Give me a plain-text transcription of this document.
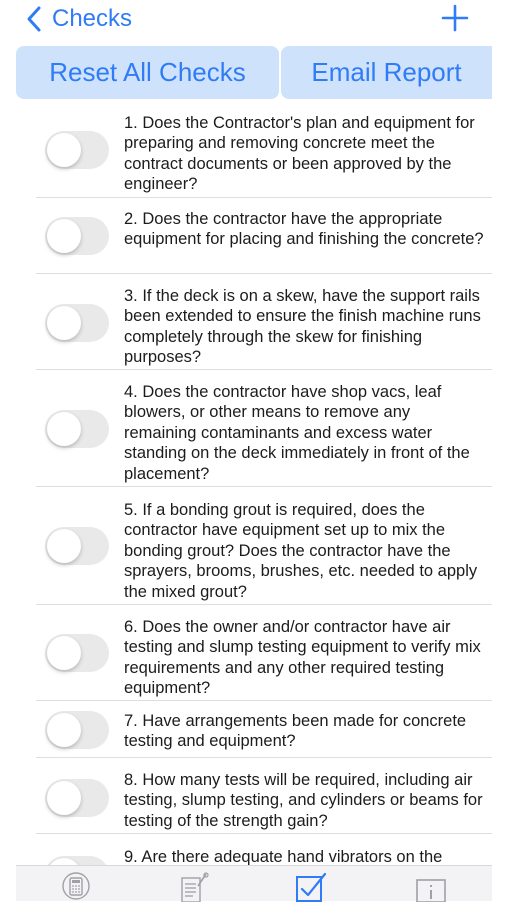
Checks
Reset All Checks	Email Report
1. Does the Contractor's plan and equipment for preparing and removing concrete meet the contract documents or been approved by the engineer?
2. Does the contractor have the appropriate equipment for placing and finishing the concrete?
3. If the deck is on a skew, have the support rails been extended to ensure the finish machine runs completely through the skew for finishing purposes?
4. Does the contractor have shop vacs, leaf blowers, or other means to remove any remaining contaminants and excess water standing on the deck immediately in front of the placement?
5. If a bonding grout is required, does the contractor have equipment set up to mix the bonding grout? Does the contractor have the sprayers, brooms, brushes, etc. needed to apply the mixed grout?
6. Does the owner and/or contractor have air testing and slump testing equipment to verify mix requirements and any other required testing equipment?
7. Have arrangements been made for concrete testing and equipment?
8. How many tests will be required, including air testing, slump testing, and cylinders or beams for testing of the strength gain?
9. Are there adequate hand vibrators on the
